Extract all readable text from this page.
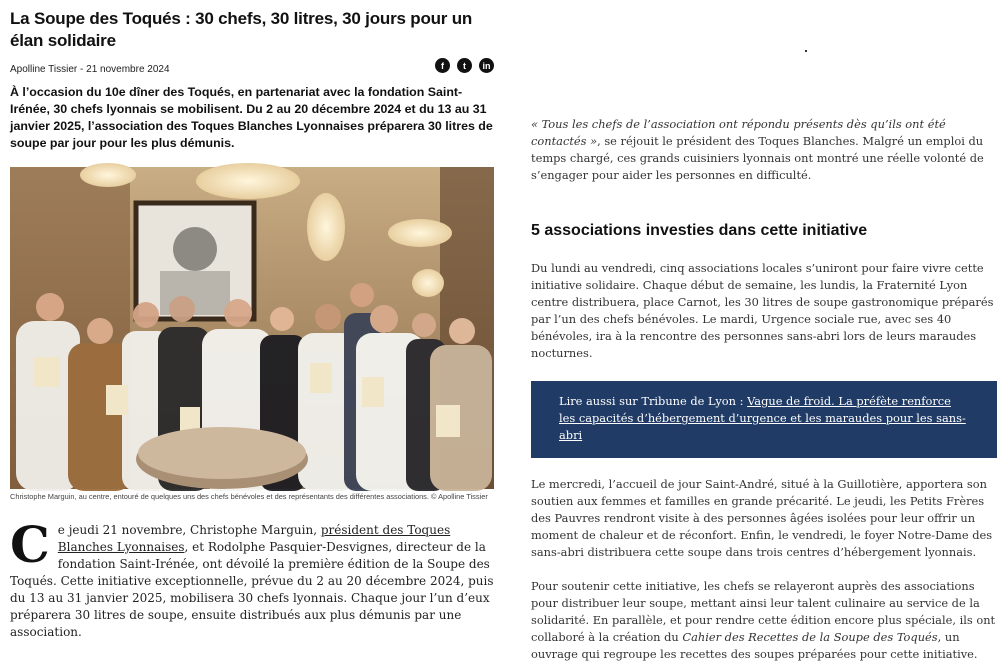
La Soupe des Toqués : 30 chefs, 30 litres, 30 jours pour un élan solidaire
Apolline Tissier - 21 novembre 2024	f	t	in

À l’occasion du 10e dîner des Toqués, en partenariat avec la fondation Saint-Irénée, 30 chefs lyonnais se mobilisent. Du 2 au 20 décembre 2024 et du 13 au 31 janvier 2025, l’association des Toques Blanches Lyonnaises préparera 30 litres de soupe par jour pour les plus démunis.

Christophe Marguin, au centre, entouré de quelques uns des chefs bénévoles et des représentants des différentes associations. © Apolline Tissier

C e jeudi 21 novembre, Christophe Marguin, président des Toques Blanches Lyonnaises, et Rodolphe Pasquier-Desvignes, directeur de la fondation Saint-Irénée, ont dévoilé la première édition de la Soupe des Toqués. Cette initiative exceptionnelle, prévue du 2 au 20 décembre 2024, puis du 13 au 31 janvier 2025, mobilisera 30 chefs lyonnais. Chaque jour l’un d’eux préparera 30 litres de soupe, ensuite distribués aux plus démunis par une association.

« Tous les chefs de l’association ont répondu présents dès qu’ils ont été contactés », se réjouit le président des Toques Blanches. Malgré un emploi du temps chargé, ces grands cuisiniers lyonnais ont montré une réelle volonté de s’engager pour aider les personnes en difficulté.

5 associations investies dans cette initiative

Du lundi au vendredi, cinq associations locales s’uniront pour faire vivre cette initiative solidaire. Chaque début de semaine, les lundis, la Fraternité Lyon centre distribuera, place Carnot, les 30 litres de soupe gastronomique préparés par l’un des chefs bénévoles. Le mardi, Urgence sociale rue, avec ses 40 bénévoles, ira à la rencontre des personnes sans-abri lors de leurs maraudes nocturnes.

Lire aussi sur Tribune de Lyon : Vague de froid. La préfète renforce les capacités d’hébergement d’urgence et les maraudes pour les sans-abri

Le mercredi, l’accueil de jour Saint-André, situé à la Guillotière, apportera son soutien aux femmes et familles en grande précarité. Le jeudi, les Petits Frères des Pauvres rendront visite à des personnes âgées isolées pour leur offrir un moment de chaleur et de réconfort. Enfin, le vendredi, le foyer Notre-Dame des sans-abri distribuera cette soupe dans trois centres d’hébergement lyonnais.

Pour soutenir cette initiative, les chefs se relayeront auprès des associations pour distribuer leur soupe, mettant ainsi leur talent culinaire au service de la solidarité. En parallèle, et pour rendre cette édition encore plus spéciale, ils ont collaboré à la création du Cahier des Recettes de la Soupe des Toqués, un ouvrage qui regroupe les recettes des soupes préparées pour cette initiative.
